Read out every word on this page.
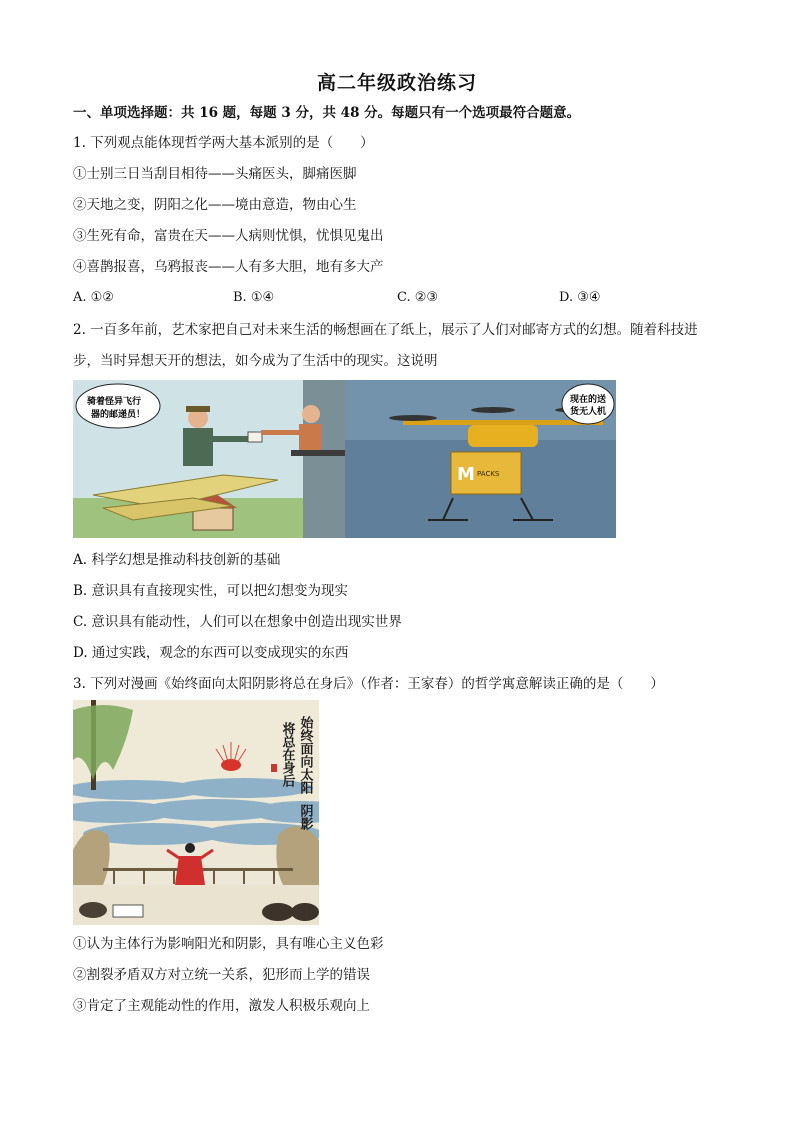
高二年级政治练习
一、单项选择题：共 16 题，每题 3 分，共 48 分。每题只有一个选项最符合题意。
1. 下列观点能体现哲学两大基本派别的是（　　）
①士别三日当刮目相待——头痛医头，脚痛医脚
②天地之变，阴阳之化——境由意造，物由心生
③生死有命，富贵在天——人病则忧惧，忧惧见鬼出
④喜鹊报喜，乌鸦报丧——人有多大胆，地有多大产
A. ①②	B. ①④	C. ②③	D. ③④
2. 一百多年前，艺术家把自己对未来生活的畅想画在了纸上，展示了人们对邮寄方式的幻想。随着科技进
步，当时异想天开的想法，如今成为了生活中的现实。这说明
骑着怪异飞行
器的邮递员！
M PACKS
现在的送
货无人机
A. 科学幻想是推动科技创新的基础
B. 意识具有直接现实性，可以把幻想变为现实
C. 意识具有能动性，人们可以在想象中创造出现实世界
D. 通过实践，观念的东西可以变成现实的东西
3. 下列对漫画《始终面向太阳阴影将总在身后》（作者：王家春）的哲学寓意解读正确的是（　　）
始终面向太阳
阴影
将总在身后
①认为主体行为影响阳光和阴影，具有唯心主义色彩
②割裂矛盾双方对立统一关系，犯形而上学的错误
③肯定了主观能动性的作用，激发人积极乐观向上
